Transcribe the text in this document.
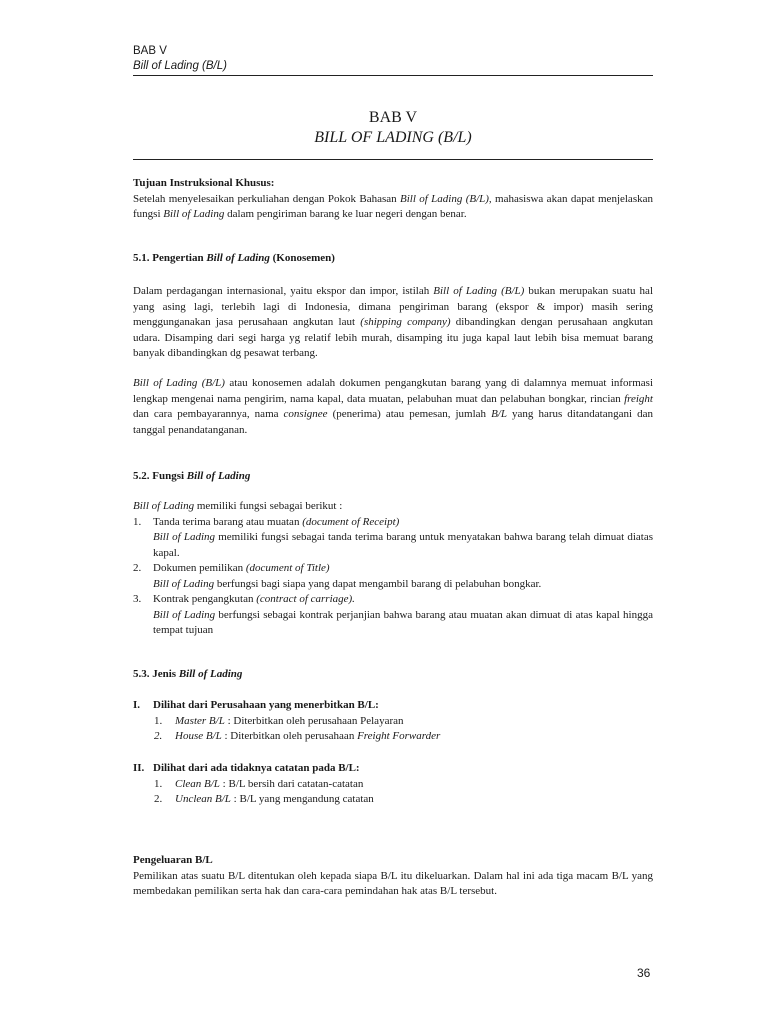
BAB V
Bill of Lading (B/L)
BAB V
BILL OF LADING (B/L)

Tujuan Instruksional Khusus:

Setelah menyelesaikan perkuliahan dengan Pokok Bahasan Bill of Lading (B/L), mahasiswa akan dapat menjelaskan fungsi Bill of Lading dalam pengiriman barang ke luar negeri dengan benar.

5.1. Pengertian Bill of Lading (Konosemen)

Dalam perdagangan internasional, yaitu ekspor dan impor, istilah Bill of Lading (B/L) bukan merupakan suatu hal yang asing lagi, terlebih lagi di Indonesia, dimana pengiriman barang (ekspor & impor) masih sering menggunganakan jasa perusahaan angkutan laut (shipping company) dibandingkan dengan perusahaan angkutan udara. Disamping dari segi harga yg relatif lebih murah, disamping itu juga kapal laut lebih bisa memuat barang banyak dibandingkan dg pesawat terbang.

Bill of Lading (B/L) atau konosemen adalah dokumen pengangkutan barang yang di dalamnya memuat informasi lengkap mengenai nama pengirim, nama kapal, data muatan, pelabuhan muat dan pelabuhan bongkar, rincian freight dan cara pembayarannya, nama consignee (penerima) atau pemesan, jumlah B/L yang harus ditandatangani dan tanggal penandatanganan.

5.2. Fungsi Bill of Lading

Bill of Lading memiliki fungsi sebagai berikut :

1. Tanda terima barang atau muatan (document of Receipt)
Bill of Lading memiliki fungsi sebagai tanda terima barang untuk menyatakan bahwa barang telah dimuat diatas kapal.
2. Dokumen pemilikan (document of Title)
Bill of Lading berfungsi bagi siapa yang dapat mengambil barang di pelabuhan bongkar.
3. Kontrak pengangkutan (contract of carriage).
Bill of Lading berfungsi sebagai kontrak perjanjian bahwa barang atau muatan akan dimuat di atas kapal hingga tempat tujuan

5.3. Jenis Bill of Lading

I. Dilihat dari Perusahaan yang menerbitkan B/L:
1. Master B/L : Diterbitkan oleh perusahaan Pelayaran
2. House B/L : Diterbitkan oleh perusahaan Freight Forwarder
II. Dilihat dari ada tidaknya catatan pada B/L:
1. Clean B/L : B/L bersih dari catatan-catatan
2. Unclean B/L : B/L yang mengandung catatan

Pengeluaran B/L

Pemilikan atas suatu B/L ditentukan oleh kepada siapa B/L itu dikeluarkan. Dalam hal ini ada tiga macam B/L yang membedakan pemilikan serta hak dan cara-cara pemindahan hak atas B/L tersebut.

36
